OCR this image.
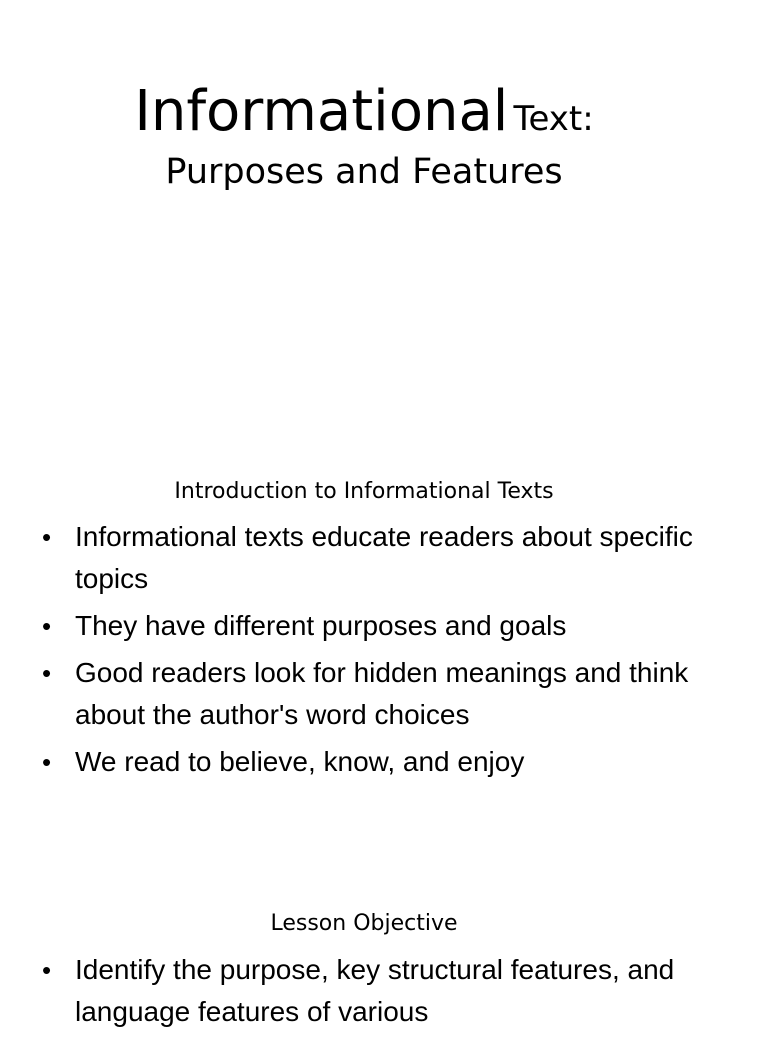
Informational Text:
Purposes and Features
Introduction to Informational Texts
• Informational texts educate readers about specific topics
• They have different purposes and goals
• Good readers look for hidden meanings and think about the author's word choices
• We read to believe, know, and enjoy
Lesson Objective
• Identify the purpose, key structural features, and language features of various
